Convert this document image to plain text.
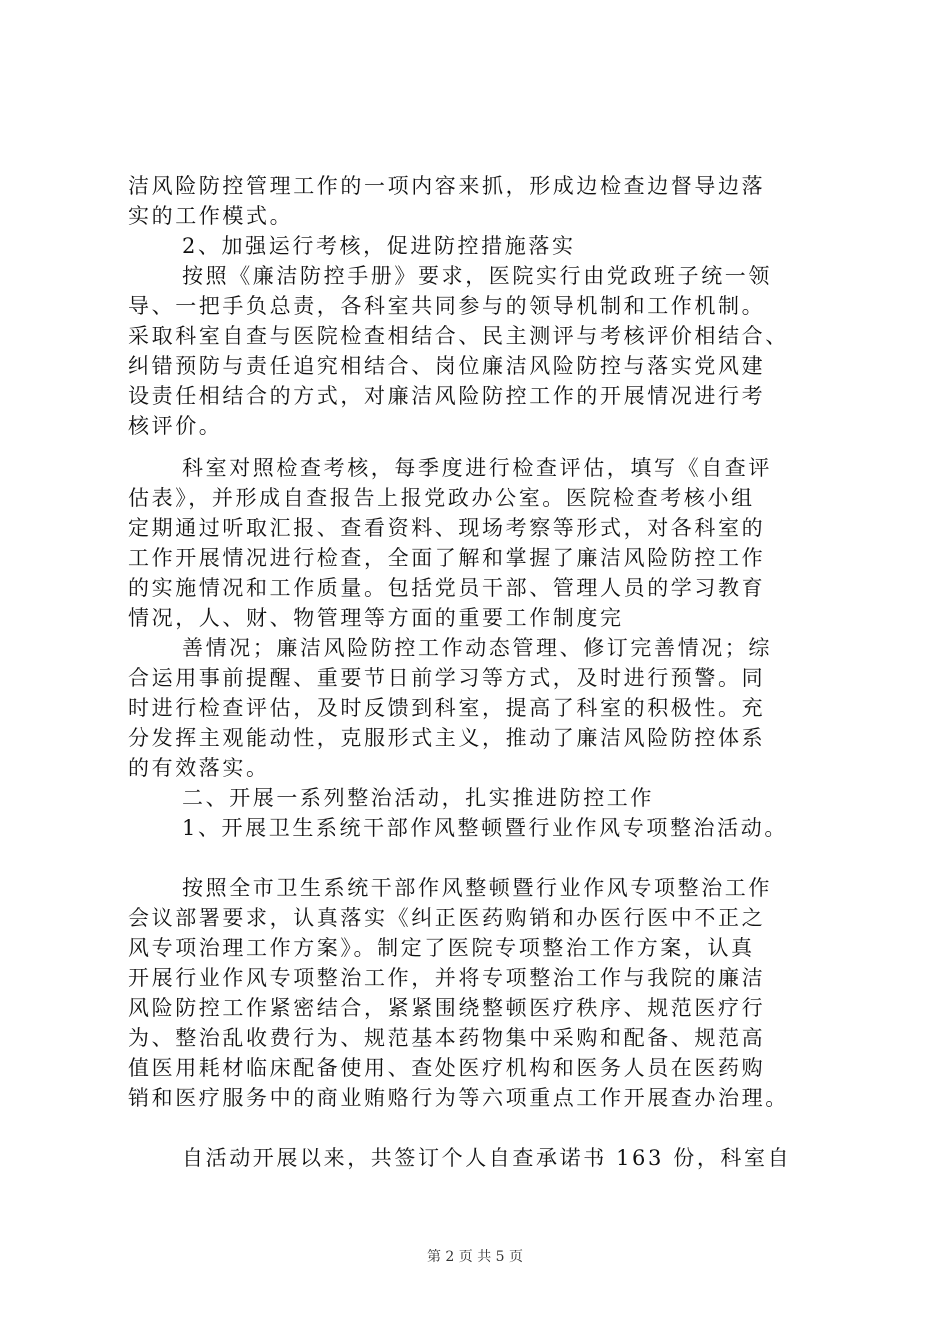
洁风险防控管理工作的一项内容来抓，形成边检查边督导边落
实的工作模式。
2、加强运行考核，促进防控措施落实
按照《廉洁防控手册》要求，医院实行由党政班子统一领
导、一把手负总责，各科室共同参与的领导机制和工作机制。
采取科室自查与医院检查相结合、民主测评与考核评价相结合、
纠错预防与责任追究相结合、岗位廉洁风险防控与落实党风建
设责任相结合的方式，对廉洁风险防控工作的开展情况进行考
核评价。
科室对照检查考核，每季度进行检查评估，填写《自查评
估表》，并形成自查报告上报党政办公室。医院检查考核小组
定期通过听取汇报、查看资料、现场考察等形式，对各科室的
工作开展情况进行检查，全面了解和掌握了廉洁风险防控工作
的实施情况和工作质量。包括党员干部、管理人员的学习教育
情况，人、财、物管理等方面的重要工作制度完
善情况；廉洁风险防控工作动态管理、修订完善情况；综
合运用事前提醒、重要节日前学习等方式，及时进行预警。同
时进行检查评估，及时反馈到科室，提高了科室的积极性。充
分发挥主观能动性，克服形式主义，推动了廉洁风险防控体系
的有效落实。
二、开展一系列整治活动，扎实推进防控工作
1、开展卫生系统干部作风整顿暨行业作风专项整治活动。
按照全市卫生系统干部作风整顿暨行业作风专项整治工作
会议部署要求，认真落实《纠正医药购销和办医行医中不正之
风专项治理工作方案》。制定了医院专项整治工作方案，认真
开展行业作风专项整治工作，并将专项整治工作与我院的廉洁
风险防控工作紧密结合，紧紧围绕整顿医疗秩序、规范医疗行
为、整治乱收费行为、规范基本药物集中采购和配备、规范高
值医用耗材临床配备使用、查处医疗机构和医务人员在医药购
销和医疗服务中的商业贿赂行为等六项重点工作开展查办治理。
自活动开展以来，共签订个人自查承诺书 163 份，科室自
第 2 页 共 5 页
